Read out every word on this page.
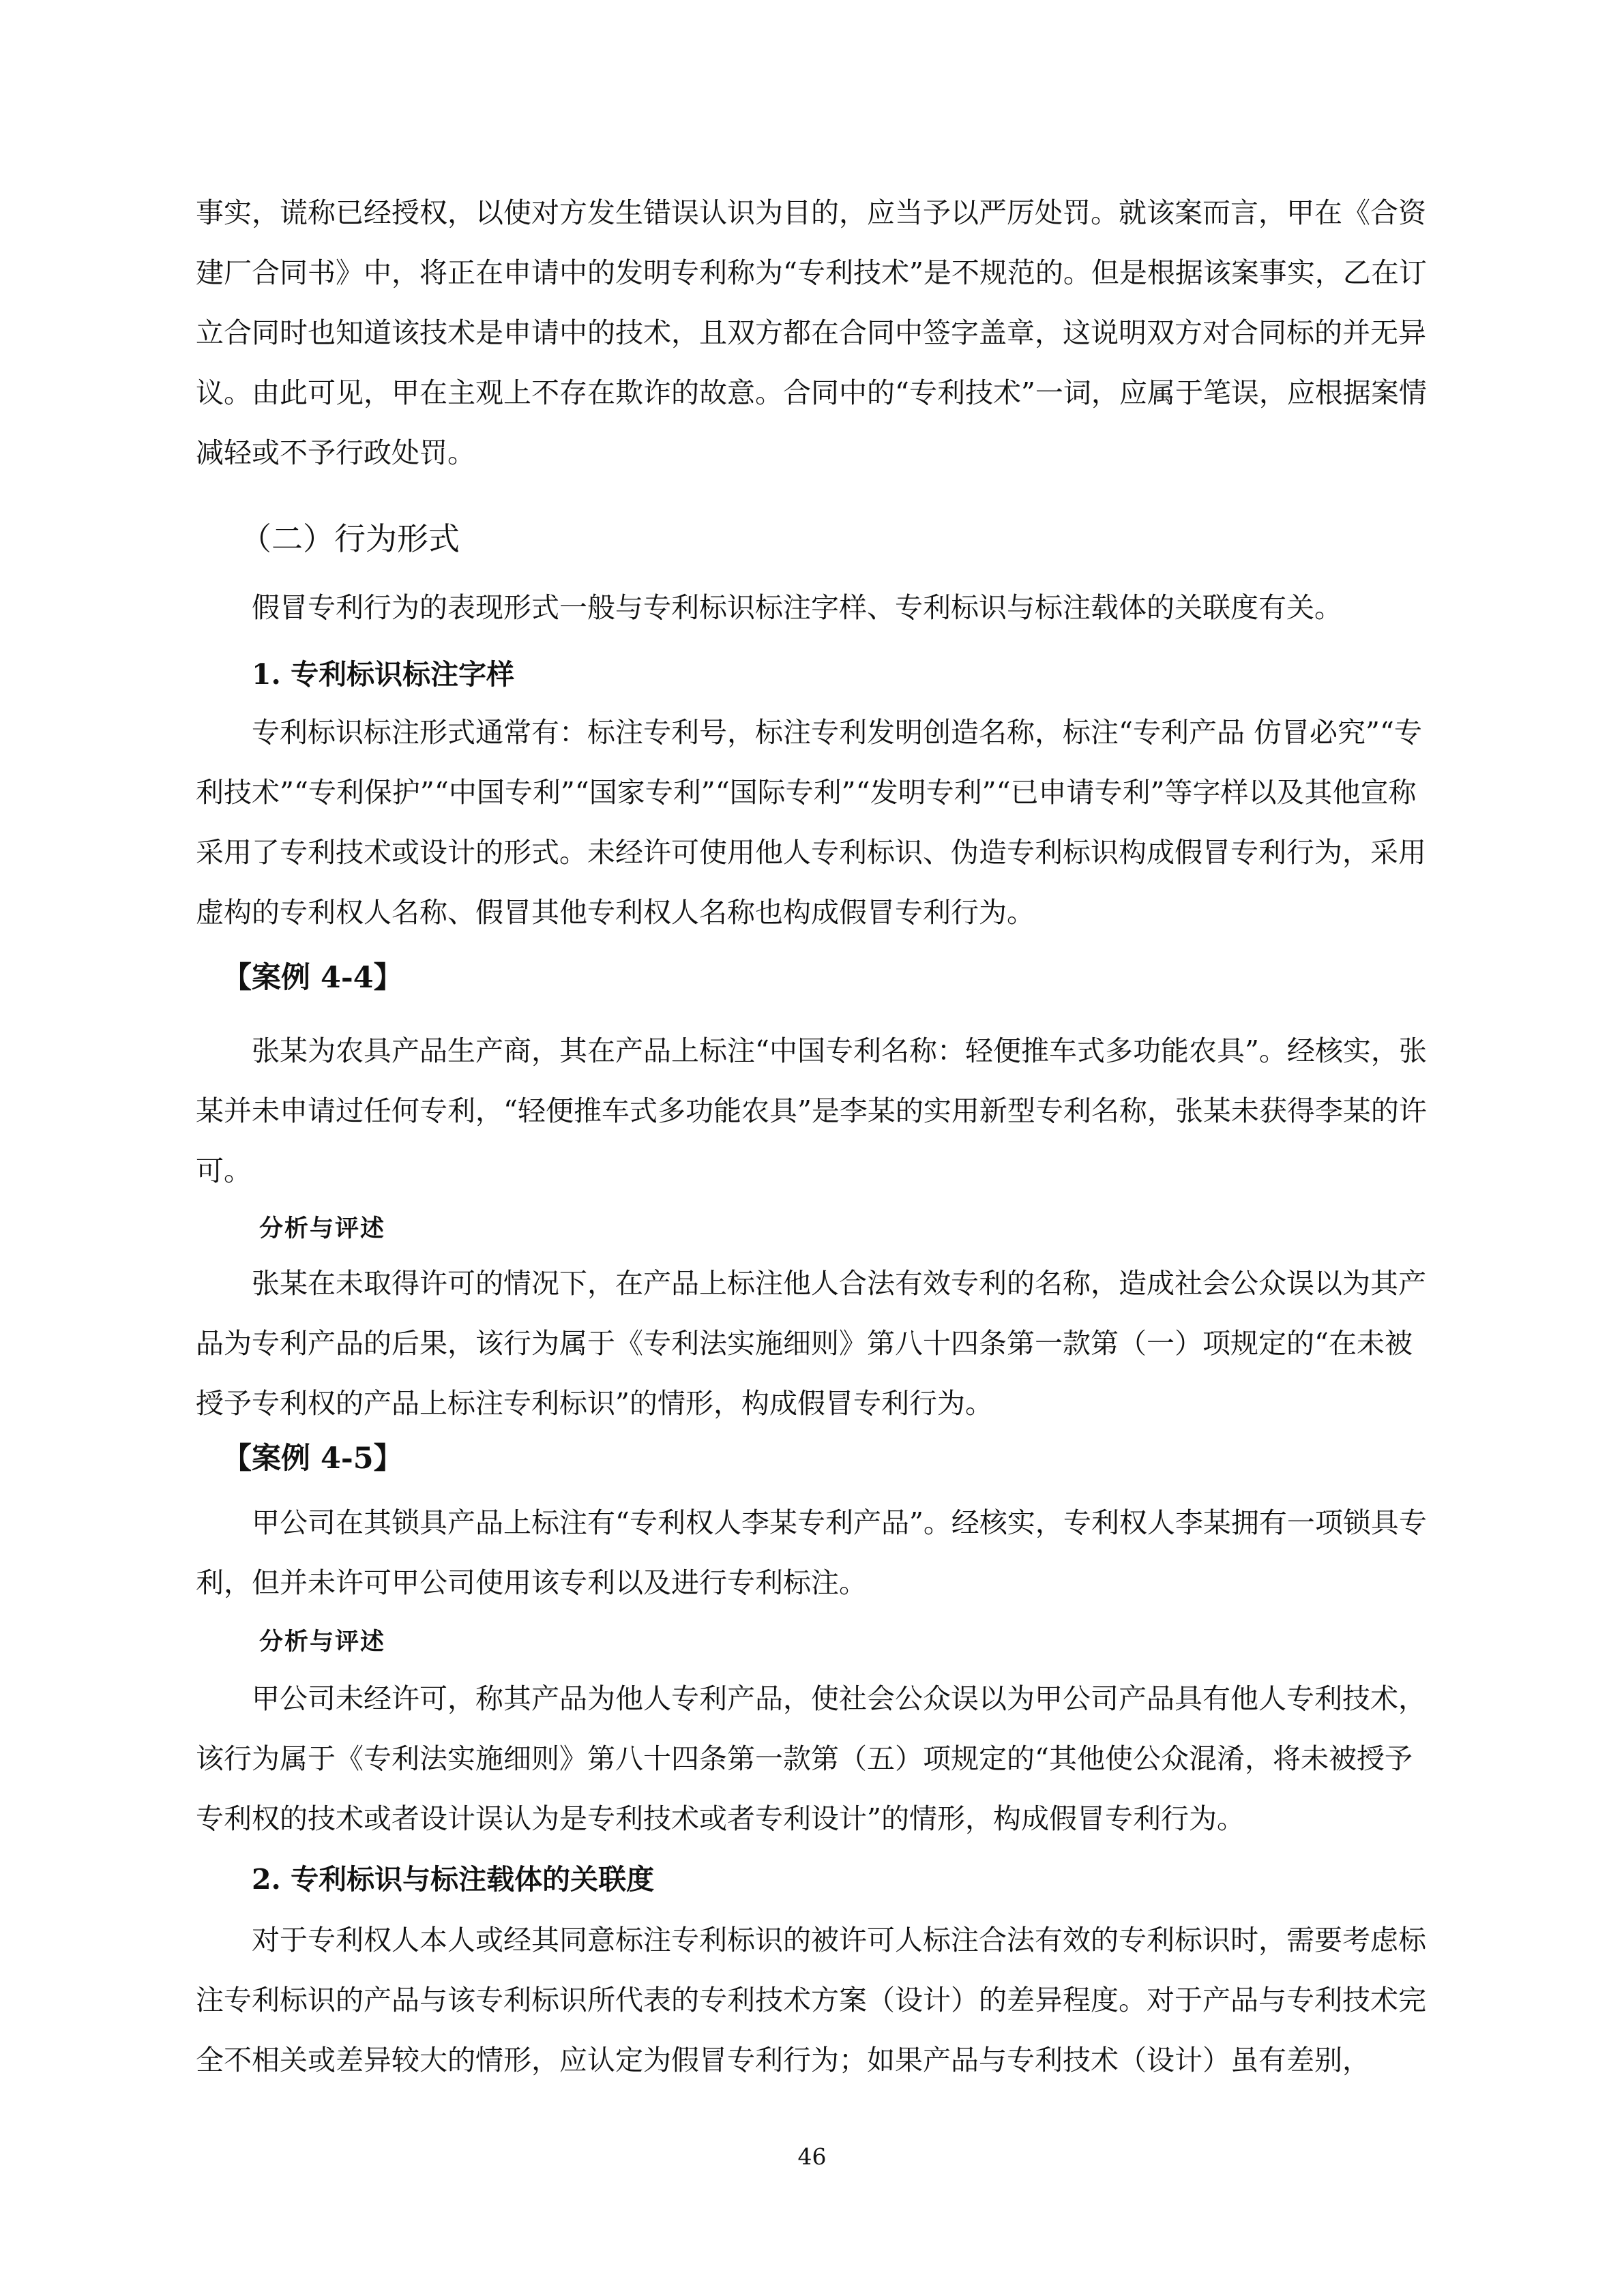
事实，谎称已经授权，以使对方发生错误认识为目的，应当予以严厉处罚。就该案而言，甲在《合资建厂合同书》中，将正在申请中的发明专利称为“专利技术”是不规范的。但是根据该案事实，乙在订立合同时也知道该技术是申请中的技术，且双方都在合同中签字盖章，这说明双方对合同标的并无异议。由此可见，甲在主观上不存在欺诈的故意。合同中的“专利技术”一词，应属于笔误，应根据案情减轻或不予行政处罚。

（二）行为形式

假冒专利行为的表现形式一般与专利标识标注字样、专利标识与标注载体的关联度有关。

1. 专利标识标注字样

专利标识标注形式通常有：标注专利号，标注专利发明创造名称，标注“专利产品 仿冒必究”“专利技术”“专利保护”“中国专利”“国家专利”“国际专利”“发明专利”“已申请专利”等字样以及其他宣称采用了专利技术或设计的形式。未经许可使用他人专利标识、伪造专利标识构成假冒专利行为，采用虚构的专利权人名称、假冒其他专利权人名称也构成假冒专利行为。

【案例 4-4】

张某为农具产品生产商，其在产品上标注“中国专利名称：轻便推车式多功能农具”。经核实，张某并未申请过任何专利，“轻便推车式多功能农具”是李某的实用新型专利名称，张某未获得李某的许可。

分析与评述

张某在未取得许可的情况下，在产品上标注他人合法有效专利的名称，造成社会公众误以为其产品为专利产品的后果，该行为属于《专利法实施细则》第八十四条第一款第（一）项规定的“在未被授予专利权的产品上标注专利标识”的情形，构成假冒专利行为。

【案例 4-5】

甲公司在其锁具产品上标注有“专利权人李某专利产品”。经核实，专利权人李某拥有一项锁具专利，但并未许可甲公司使用该专利以及进行专利标注。

分析与评述

甲公司未经许可，称其产品为他人专利产品，使社会公众误以为甲公司产品具有他人专利技术，该行为属于《专利法实施细则》第八十四条第一款第（五）项规定的“其他使公众混淆，将未被授予专利权的技术或者设计误认为是专利技术或者专利设计”的情形，构成假冒专利行为。

2. 专利标识与标注载体的关联度

对于专利权人本人或经其同意标注专利标识的被许可人标注合法有效的专利标识时，需要考虑标注专利标识的产品与该专利标识所代表的专利技术方案（设计）的差异程度。对于产品与专利技术完全不相关或差异较大的情形，应认定为假冒专利行为；如果产品与专利技术（设计）虽有差别，

46
